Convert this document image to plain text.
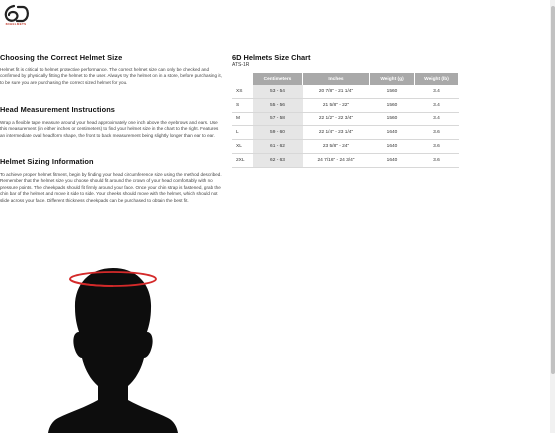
6DHELMETS
Choosing the Correct Helmet Size

Helmet fit is critical to helmet protective performance. The correct helmet size can only be checked and confirmed by physically fitting the helmet to the user. Always try the helmet on in a store, before purchasing it, to be sure you are purchasing the correct sized helmet for you.

Head Measurement Instructions

Wrap a flexible tape measure around your head approximately one inch above the eyebrows and ears. Use this measurement (in either inches or centimeters) to find your helmet size in the chart to the right. Features an intermediate oval headform shape, the front to back measurement being slightly longer than ear to ear.

Helmet Sizing Information

To achieve proper helmet fitment, begin by finding your head circumference size using the method described. Remember that the helmet size you choose should fit around the crown of your head comfortably with no pressure points. The cheekpads should fit firmly around your face. Once your chin strap is fastened, grab the chin bar of the helmet and move it side to side. Your cheeks should move with the helmet, which should not slide across your face. Different thickness cheekpads can be purchased to obtain the best fit.

6D Helmets Size Chart
ATS-1R
	Centimeters	Inches	Weight (g)	Weight (lb)
XS	53 - 54	20 7/8" - 21 1/4"	1560	3.4
S	55 - 56	21 5/8" - 22"	1560	3.4
M	57 - 58	22 1/2" - 22 3/4"	1560	3.4
L	59 - 60	22 1/4" - 23 1/4"	1640	3.6
XL	61 - 62	23 5/8" - 24"	1640	3.6
2XL	62 - 63	24 7/16" - 24 3/4"	1640	3.6
